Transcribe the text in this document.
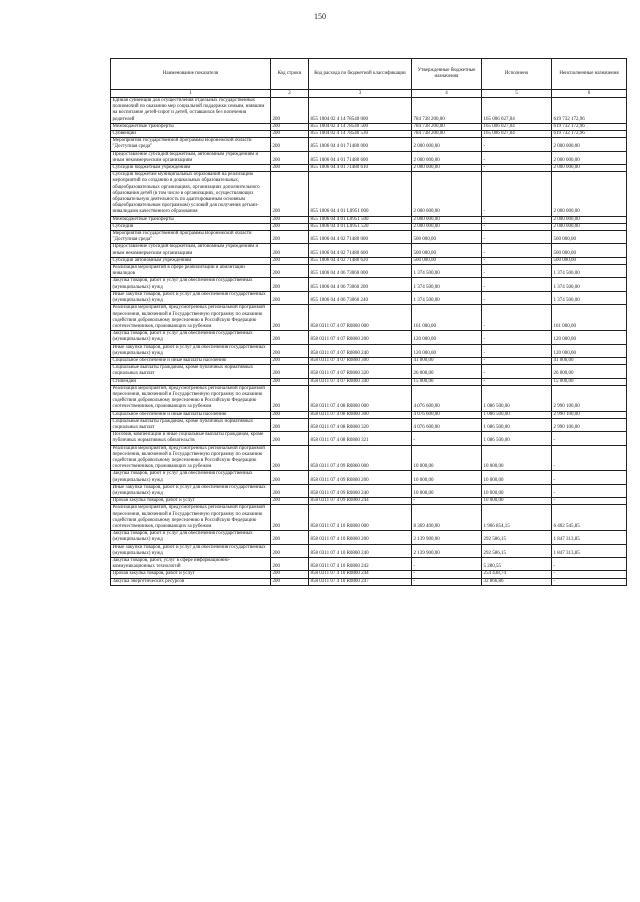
150
Наименование показателя	Код строки	Код расхода по бюджетной классификации	Утвержденные бюджетные назначения	Исполнено	Неисполненные назначения
1	2	3	4	5	6
Единая субвенция для осуществления отдельных государственных полномочий по оказанию мер социальной поддержки семьям, взявшим на воспитание детей-сирот и детей, оставшихся без попечения родителей	200	855 1004 02 4 14 78540 000	784 738 200,00	165 006 027,04	619 732 172,96
Межбюджетные трансферты	200	855 1004 02 4 14 78540 500	784 738 200,00	165 006 027,04	619 732 172,96
Субвенции	200	855 1004 02 4 14 78540 530	784 738 200,00	165 006 027,04	619 732 172,96
Мероприятия государственной программы Воронежской области "Доступная среда"	200	855 1006 04 4 01 71480 000	2 000 000,00	-	2 000 000,00
Предоставление субсидий бюджетным, автономным учреждениям и иным некоммерческим организациям	200	855 1006 04 4 01 71480 600	2 000 000,00	-	2 000 000,00
Субсидии бюджетным учреждениям	200	855 1006 04 4 01 71480 610	2 000 000,00	-	2 000 000,00
Субсидии бюджетам муниципальных образований на реализацию мероприятий по созданию в дошкольных образовательных, общеобразовательных организациях, организациях дополнительного образования детей (в том числе в организациях, осуществляющих образовательную деятельность по адаптированным основным общеобразовательным программам) условий для получения детьми-инвалидами качественного образования	200	855 1006 04 4 01 L0951 000	2 000 000,00	-	2 000 000,00
Межбюджетные трансферты	200	855 1006 04 4 01 L0951 500	2 000 000,00	-	2 000 000,00
Субсидии	200	855 1006 04 4 01 L0951 520	2 000 000,00	-	2 000 000,00
Мероприятия государственной программы Воронежской области "Доступная среда"	200	855 1006 04 4 02 71480 000	500 000,00	-	500 000,00
Предоставление субсидий бюджетным, автономным учреждениям и иным некоммерческим организациям	200	855 1006 04 4 02 71480 600	500 000,00	-	500 000,00
Субсидии автономным учреждениям	200	855 1006 04 4 02 71480 620	500 000,00	-	500 000,00
Реализация мероприятий в сфере реабилитации и абилитации инвалидов	200	855 1006 04 4 06 73060 000	1 374 500,00	-	1 374 500,00
Закупка товаров, работ и услуг для обеспечения государственных (муниципальных) нужд	200	855 1006 04 4 06 73060 200	1 374 500,00	-	1 374 500,00
Иные закупки товаров, работ и услуг для обеспечения государственных (муниципальных) нужд	200	855 1006 04 4 06 73060 240	1 374 500,00	-	1 374 500,00
Реализация мероприятий, предусмотренных региональной программой переселения, включенной в Государственную программу по оказанию содействия добровольному переселению в Российскую Федерацию соотечественников, проживающих за рубежом	200	858 0311 07 4 07 R0860 000	161 000,00	-	161 000,00
Закупка товаров, работ и услуг для обеспечения государственных (муниципальных) нужд	200	858 0311 07 4 07 R0860 200	120 000,00	-	120 000,00
Иные закупки товаров, работ и услуг для обеспечения государственных (муниципальных) нужд	200	858 0311 07 4 07 R0860 240	120 000,00	-	120 000,00
Социальное обеспечение и иные выплаты населению	200	858 0311 07 4 07 R0860 300	41 000,00	-	41 000,00
Социальные выплаты гражданам, кроме публичных нормативных социальных выплат	200	858 0311 07 4 07 R0860 320	26 000,00	-	26 000,00
Стипендии	200	858 0311 07 4 07 R0860 340	15 000,00	-	15 000,00
Реализация мероприятий, предусмотренных региональной программой переселения, включенной в Государственную программу по оказанию содействия добровольному переселению в Российскую Федерацию соотечественников, проживающих за рубежом	200	858 0311 07 4 08 R0860 000	4 076 600,00	1 086 500,00	2 990 100,00
Социальное обеспечение и иные выплаты населению	200	858 0311 07 4 08 R0860 300	4 076 600,00	1 086 500,00	2 990 100,00
Социальные выплаты гражданам, кроме публичных нормативных социальных выплат	200	858 0311 07 4 08 R0860 320	4 076 600,00	1 086 500,00	2 990 100,00
Пособия, компенсации и иные социальные выплаты гражданам, кроме публичных нормативных обязательств	200	858 0311 07 4 08 R0860 321	-	1 086 500,00	-
Реализация мероприятий, предусмотренных региональной программой переселения, включенной в Государственную программу по оказанию содействия добровольному переселению в Российскую Федерацию соотечественников, проживающих за рубежом	200	858 0311 07 4 09 R0860 000	10 000,00	10 000,00	-
Закупка товаров, работ и услуг для обеспечения государственных (муниципальных) нужд	200	858 0311 07 4 09 R0860 200	10 000,00	10 000,00	-
Иные закупки товаров, работ и услуг для обеспечения государственных (муниципальных) нужд	200	858 0311 07 4 09 R0860 240	10 000,00	10 000,00	-
Прочая закупка товаров, работ и услуг	200	858 0311 07 4 09 R0860 244	-	10 000,00	-
Реализация мероприятий, предусмотренных региональной программой переселения, включенной в Государственную программу по оказанию содействия добровольному переселению в Российскую Федерацию соотечественников, проживающих за рубежом	200	858 0311 07 4 10 R0860 000	8 369 400,00	1 966 854,15	6 402 545,85
Закупка товаров, работ и услуг для обеспечения государственных (муниципальных) нужд	200	858 0311 07 4 10 R0860 200	2 139 900,00	292 586,15	1 847 313,85
Иные закупки товаров, работ и услуг для обеспечения государственных (муниципальных) нужд	200	858 0311 07 4 10 R0860 240	2 139 900,00	292 586,15	1 847 313,85
Закупка товаров, работ, услуг в сфере информационно-коммуникационных технологий	200	858 0311 07 4 10 R0860 242	-	5 280,55	-
Прочая закупка товаров, работ и услуг	200	858 0311 07 4 10 R0860 244	-	254 438,74	-
Закупка энергетических ресурсов	200	858 0311 07 4 10 R0860 247	-	32 866,86	-
